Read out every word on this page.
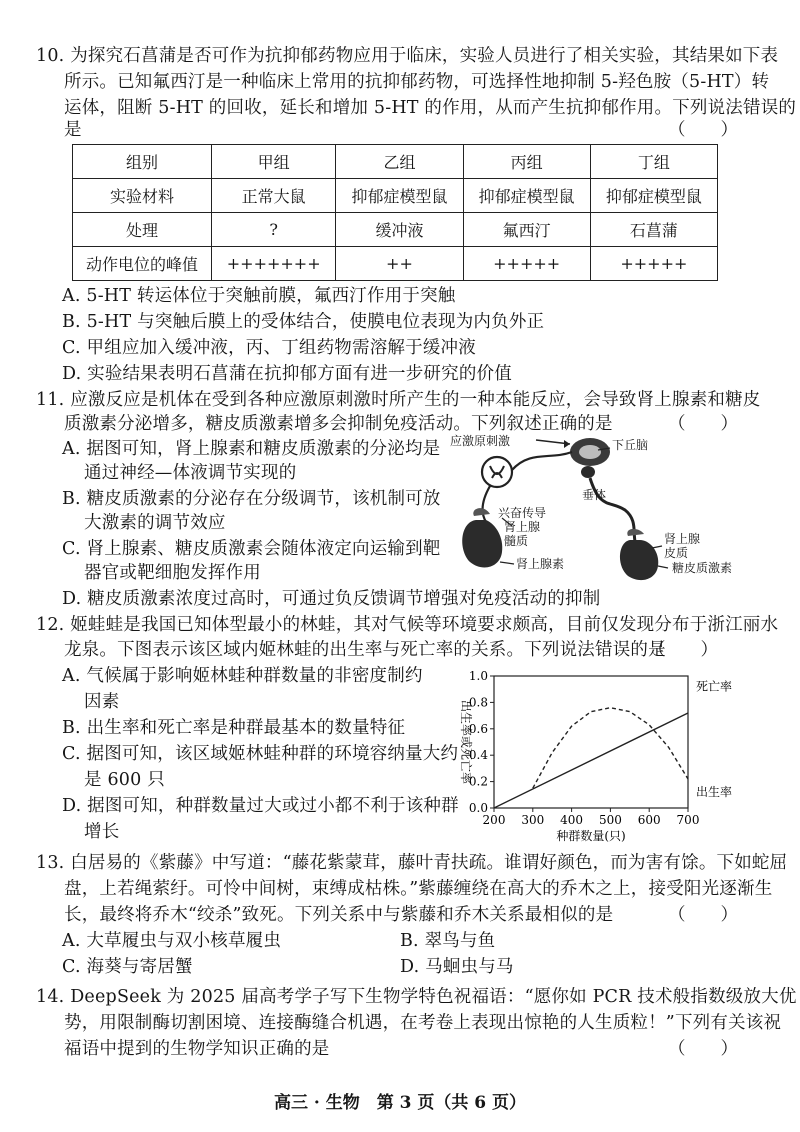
10. 为探究石菖蒲是否可作为抗抑郁药物应用于临床，实验人员进行了相关实验，其结果如下表
所示。已知氟西汀是一种临床上常用的抗抑郁药物，可选择性地抑制 5-羟色胺（5-HT）转
运体，阻断 5-HT 的回收，延长和增加 5-HT 的作用，从而产生抗抑郁作用。下列说法错误的
是	（　　）
组别	甲组	乙组	丙组	丁组
实验材料	正常大鼠	抑郁症模型鼠	抑郁症模型鼠	抑郁症模型鼠
处理	?	缓冲液	氟西汀	石菖蒲
动作电位的峰值	+++++++	++	+++++	+++++
A. 5-HT 转运体位于突触前膜，氟西汀作用于突触
B. 5-HT 与突触后膜上的受体结合，使膜电位表现为内负外正
C. 甲组应加入缓冲液，丙、丁组药物需溶解于缓冲液
D. 实验结果表明石菖蒲在抗抑郁方面有进一步研究的价值
11. 应激反应是机体在受到各种应激原刺激时所产生的一种本能反应，会导致肾上腺素和糖皮
质激素分泌增多，糖皮质激素增多会抑制免疫活动。下列叙述正确的是	（　　）
A. 据图可知，肾上腺素和糖皮质激素的分泌均是
通过神经—体液调节实现的
B. 糖皮质激素的分泌存在分级调节，该机制可放
大激素的调节效应
C. 肾上腺素、糖皮质激素会随体液定向运输到靶
器官或靶细胞发挥作用
D. 糖皮质激素浓度过高时，可通过负反馈调节增强对免疫活动的抑制
应激原刺激	下丘脑
垂体
兴奋传导
肾上腺
髓质
肾上腺素
肾上腺
皮质
糖皮质激素
12. 姬蛙蛙是我国已知体型最小的林蛙，其对气候等环境要求颇高，目前仅发现分布于浙江丽水
龙泉。下图表示该区域内姬林蛙的出生率与死亡率的关系。下列说法错误的是
（　　）
A. 气候属于影响姬林蛙种群数量的非密度制约
因素
B. 出生率和死亡率是种群最基本的数量特征
C. 据图可知，该区域姬林蛙种群的环境容纳量大约
是 600 只
D. 据图可知，种群数量过大或过小都不利于该种群
增长
0.0
0.2
0.4
0.6
0.8
1.0
200 300 400 500 600 700
出生率或死亡率
种群数量(只)
死亡率
出生率
13. 白居易的《紫藤》中写道：“藤花紫蒙茸，藤叶青扶疏。谁谓好颜色，而为害有馀。下如蛇屈
盘，上若绳萦纡。可怜中间树，束缚成枯株。”紫藤缠绕在高大的乔木之上，接受阳光逐渐生
长，最终将乔木“绞杀”致死。下列关系中与紫藤和乔木关系最相似的是	（　　）
A. 大草履虫与双小核草履虫	B. 翠鸟与鱼
C. 海葵与寄居蟹	D. 马蛔虫与马
14. DeepSeek 为 2025 届高考学子写下生物学特色祝福语：“愿你如 PCR 技术般指数级放大优
势，用限制酶切割困境、连接酶缝合机遇，在考卷上表现出惊艳的人生质粒！”下列有关该祝
福语中提到的生物学知识正确的是	（　　）
高三 · 生物　第 3 页（共 6 页）
